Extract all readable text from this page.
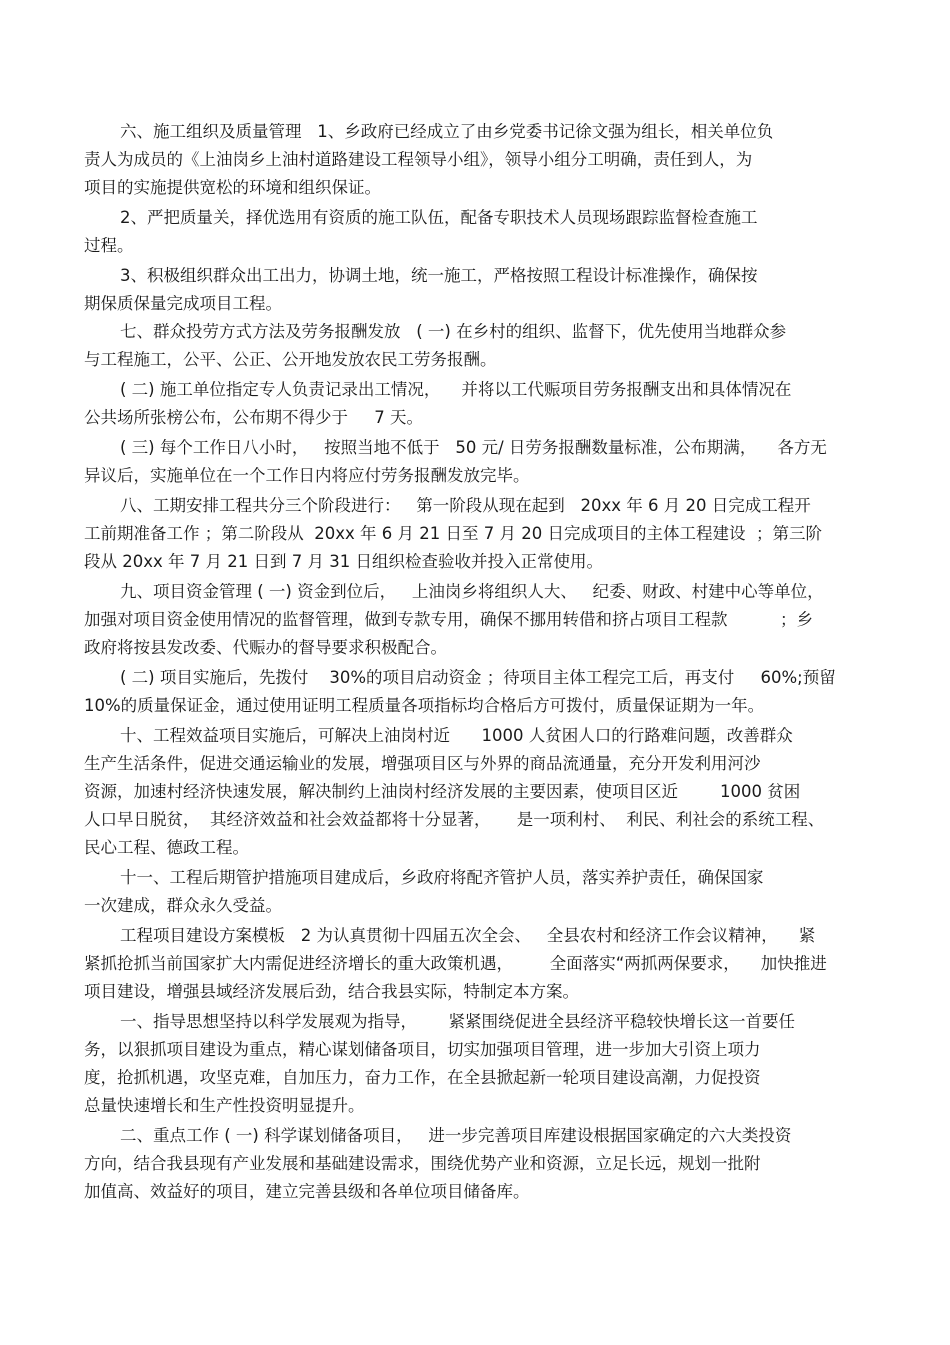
六、施工组织及质量管理   1、乡政府已经成立了由乡党委书记徐文强为组长，相关单位负
责人为成员的《上油岗乡上油村道路建设工程领导小组》，领导小组分工明确，责任到人，为
项目的实施提供宽松的环境和组织保证。
2、严把质量关，择优选用有资质的施工队伍，配备专职技术人员现场跟踪监督检查施工
过程。
3、积极组织群众出工出力，协调土地，统一施工，严格按照工程设计标准操作，确保按
期保质保量完成项目工程。
七、群众投劳方式方法及劳务报酬发放   ( 一) 在乡村的组织、监督下，优先使用当地群众参
与工程施工，公平、公正、公开地发放农民工劳务报酬。
( 二) 施工单位指定专人负责记录出工情况，    并将以工代赈项目劳务报酬支出和具体情况在
公共场所张榜公布，公布期不得少于     7 天。
( 三) 每个工作日八小时，   按照当地不低于   50 元/ 日劳务报酬数量标准，公布期满，    各方无
异议后，实施单位在一个工作日内将应付劳务报酬发放完毕。
八、工期安排工程共分三个阶段进行：   第一阶段从现在起到   20xx 年 6 月 20 日完成工程开
工前期准备工作 ；第二阶段从  20xx 年 6 月 21 日至 7 月 20 日完成项目的主体工程建设  ；第三阶
段从 20xx 年 7 月 21 日到 7 月 31 日组织检查验收并投入正常使用。
九、项目资金管理 ( 一) 资金到位后，   上油岗乡将组织人大、   纪委、财政、村建中心等单位，
加强对项目资金使用情况的监督管理，做到专款专用，确保不挪用转借和挤占项目工程款          ；乡
政府将按县发改委、代赈办的督导要求积极配合。
( 二) 项目实施后，先拨付    30%的项目启动资金 ；待项目主体工程完工后，再支付     60%;预留
10%的质量保证金，通过使用证明工程质量各项指标均合格后方可拨付，质量保证期为一年。
十、工程效益项目实施后，可解决上油岗村近      1000 人贫困人口的行路难问题，改善群众
生产生活条件，促进交通运输业的发展，增强项目区与外界的商品流通量，充分开发利用河沙
资源，加速村经济快速发展，解决制约上油岗村经济发展的主要因素，使项目区近        1000 贫困
人口早日脱贫，  其经济效益和社会效益都将十分显著，     是一项利村、  利民、利社会的系统工程、
民心工程、德政工程。
十一、工程后期管护措施项目建成后，乡政府将配齐管护人员，落实养护责任，确保国家
一次建成，群众永久受益。
工程项目建设方案模板   2 为认真贯彻十四届五次全会、   全县农村和经济工作会议精神，    紧
紧抓抢抓当前国家扩大内需促进经济增长的重大政策机遇，       全面落实“两抓两保要求，    加快推进
项目建设，增强县域经济发展后劲，结合我县实际，特制定本方案。
一、指导思想坚持以科学发展观为指导，      紧紧围绕促进全县经济平稳较快增长这一首要任
务，以狠抓项目建设为重点，精心谋划储备项目，切实加强项目管理，进一步加大引资上项力
度，抢抓机遇，攻坚克难，自加压力，奋力工作，在全县掀起新一轮项目建设高潮，力促投资
总量快速增长和生产性投资明显提升。
二、重点工作 ( 一) 科学谋划储备项目，   进一步完善项目库建设根据国家确定的六大类投资
方向，结合我县现有产业发展和基础建设需求，围绕优势产业和资源，立足长远，规划一批附
加值高、效益好的项目，建立完善县级和各单位项目储备库。
